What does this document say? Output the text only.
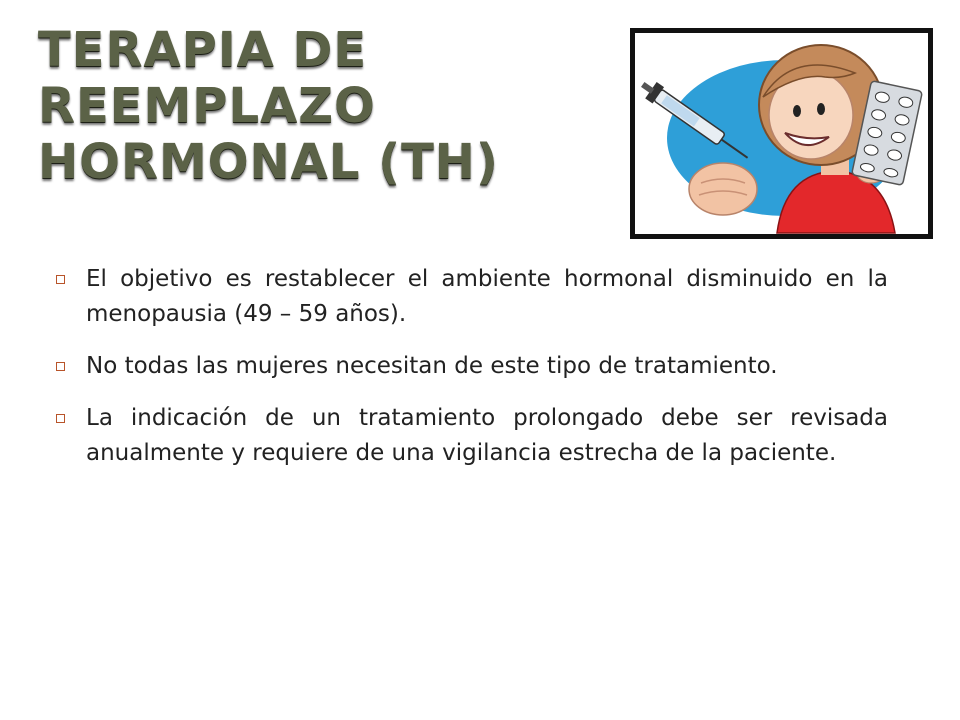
TERAPIA DE
REEMPLAZO
HORMONAL (TH)
El objetivo es restablecer el ambiente hormonal disminuido en la menopausia (49 – 59 años).
No todas las mujeres necesitan de este tipo de tratamiento.
La indicación de un tratamiento prolongado debe ser revisada anualmente y requiere de una vigilancia estrecha de la paciente.
